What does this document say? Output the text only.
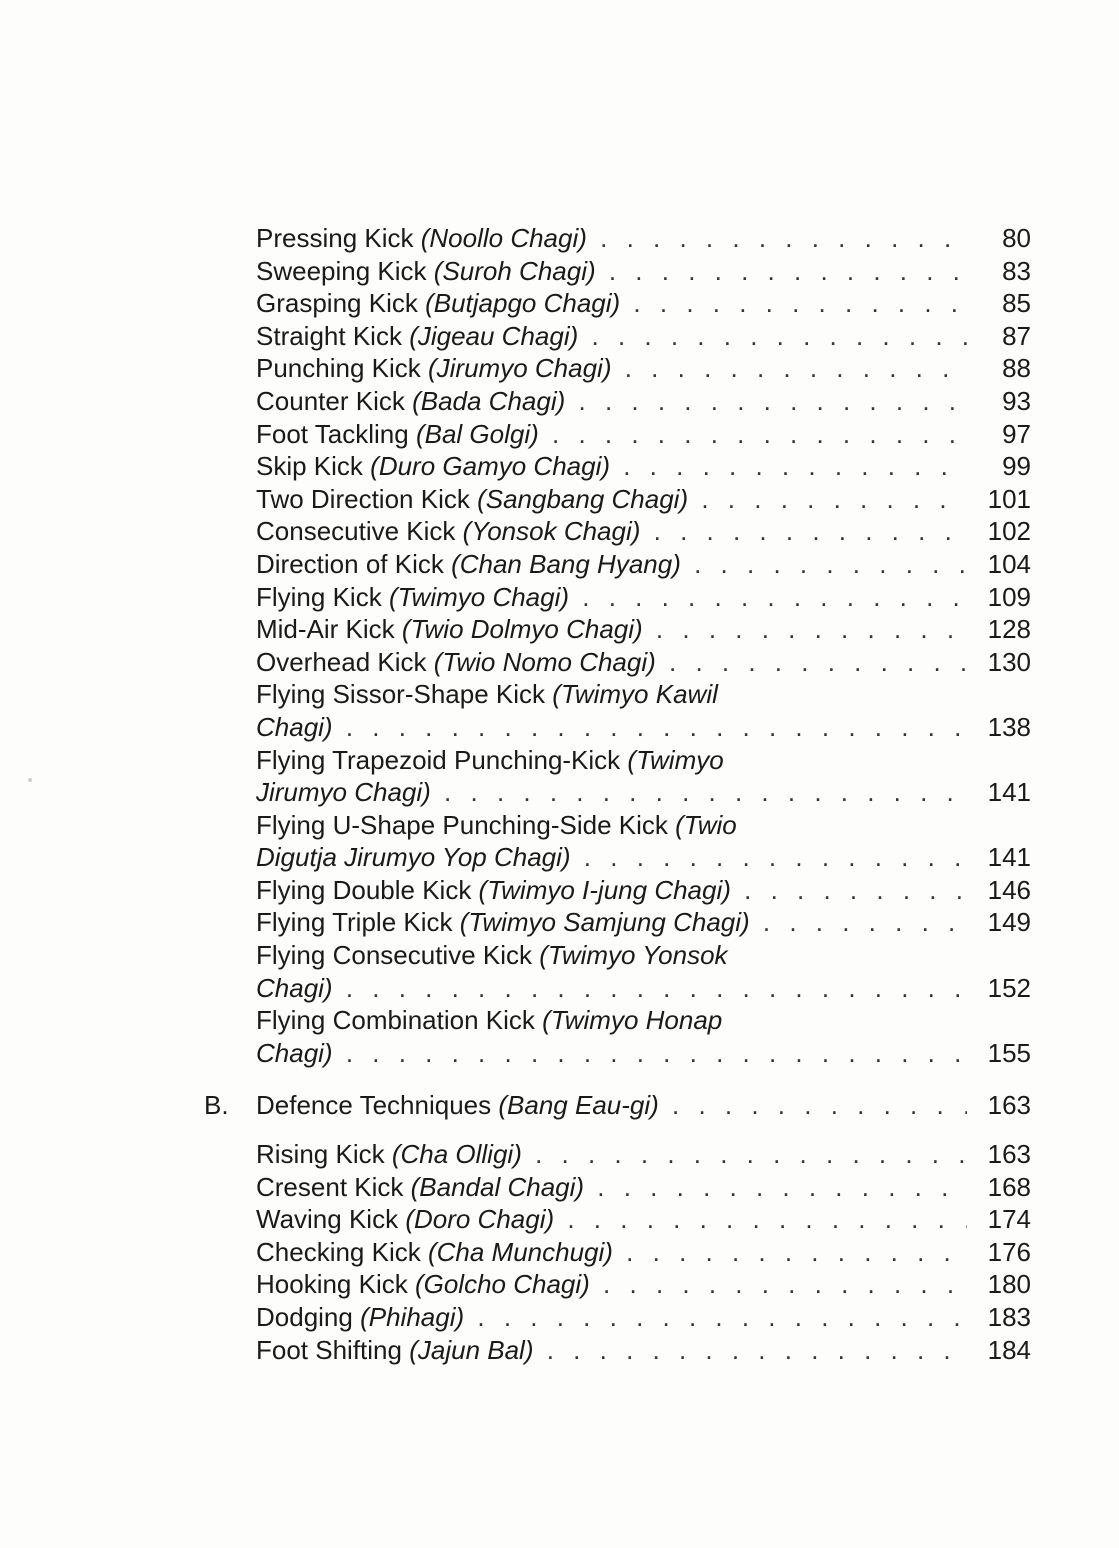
Pressing Kick (Noollo Chagi) . . .	80
Sweeping Kick (Suroh Chagi) . . .	83
Grasping Kick (Butjapgo Chagi) . . .	85
Straight Kick (Jigeau Chagi) . . .	87
Punching Kick (Jirumyo Chagi) . . .	88
Counter Kick (Bada Chagi) . . .	93
Foot Tackling (Bal Golgi) . . .	97
Skip Kick (Duro Gamyo Chagi) . . .	99
Two Direction Kick (Sangbang Chagi) . . .	101
Consecutive Kick (Yonsok Chagi) . . .	102
Direction of Kick (Chan Bang Hyang) . . .	104
Flying Kick (Twimyo Chagi) . . .	109
Mid-Air Kick (Twio Dolmyo Chagi) . . .	128
Overhead Kick (Twio Nomo Chagi) . . .	130
Flying Sissor-Shape Kick (Twimyo Kawil
Chagi) . . .	138
Flying Trapezoid Punching-Kick (Twimyo
Jirumyo Chagi) . . .	141
Flying U-Shape Punching-Side Kick (Twio
Digutja Jirumyo Yop Chagi) . . .	141
Flying Double Kick (Twimyo I-jung Chagi) . . .	146
Flying Triple Kick (Twimyo Samjung Chagi) . . .	149
Flying Consecutive Kick (Twimyo Yonsok
Chagi) . . .	152
Flying Combination Kick (Twimyo Honap
Chagi) . . .	155
B. Defence Techniques (Bang Eau-gi) . . .	163
Rising Kick (Cha Olligi) . . .	163
Cresent Kick (Bandal Chagi) . . .	168
Waving Kick (Doro Chagi) . . .	174
Checking Kick (Cha Munchugi) . . .	176
Hooking Kick (Golcho Chagi) . . .	180
Dodging (Phihagi) . . .	183
Foot Shifting (Jajun Bal) . . .	184
